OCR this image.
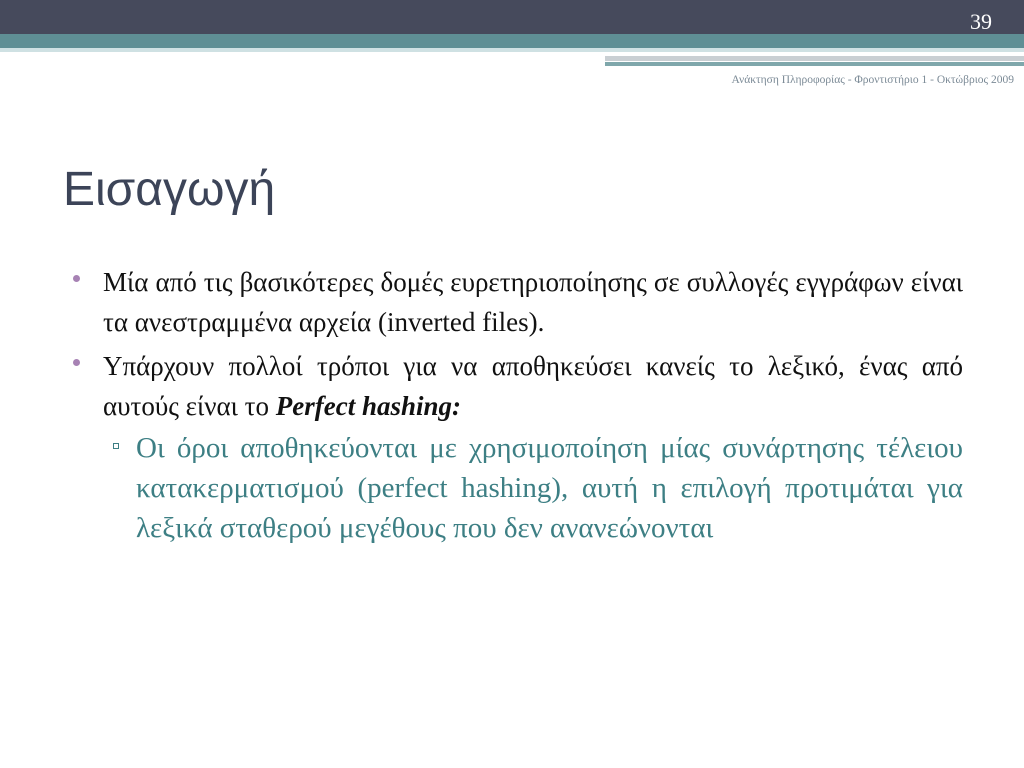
39
Ανάκτηση Πληροφορίας - Φροντιστήριο 1 - Οκτώβριος 2009
Εισαγωγή
Μία από τις βασικότερες δομές ευρετηριοποίησης σε συλλογές εγγράφων είναι τα ανεστραμμένα αρχεία (inverted files).
Υπάρχουν πολλοί τρόποι για να αποθηκεύσει κανείς το λεξικό, ένας από αυτούς είναι το Perfect hashing:
Οι όροι αποθηκεύονται με χρησιμοποίηση μίας συνάρτησης τέλειου κατακερματισμού (perfect hashing), αυτή η επιλογή προτιμάται για λεξικά σταθερού μεγέθους που δεν ανανεώνονται
